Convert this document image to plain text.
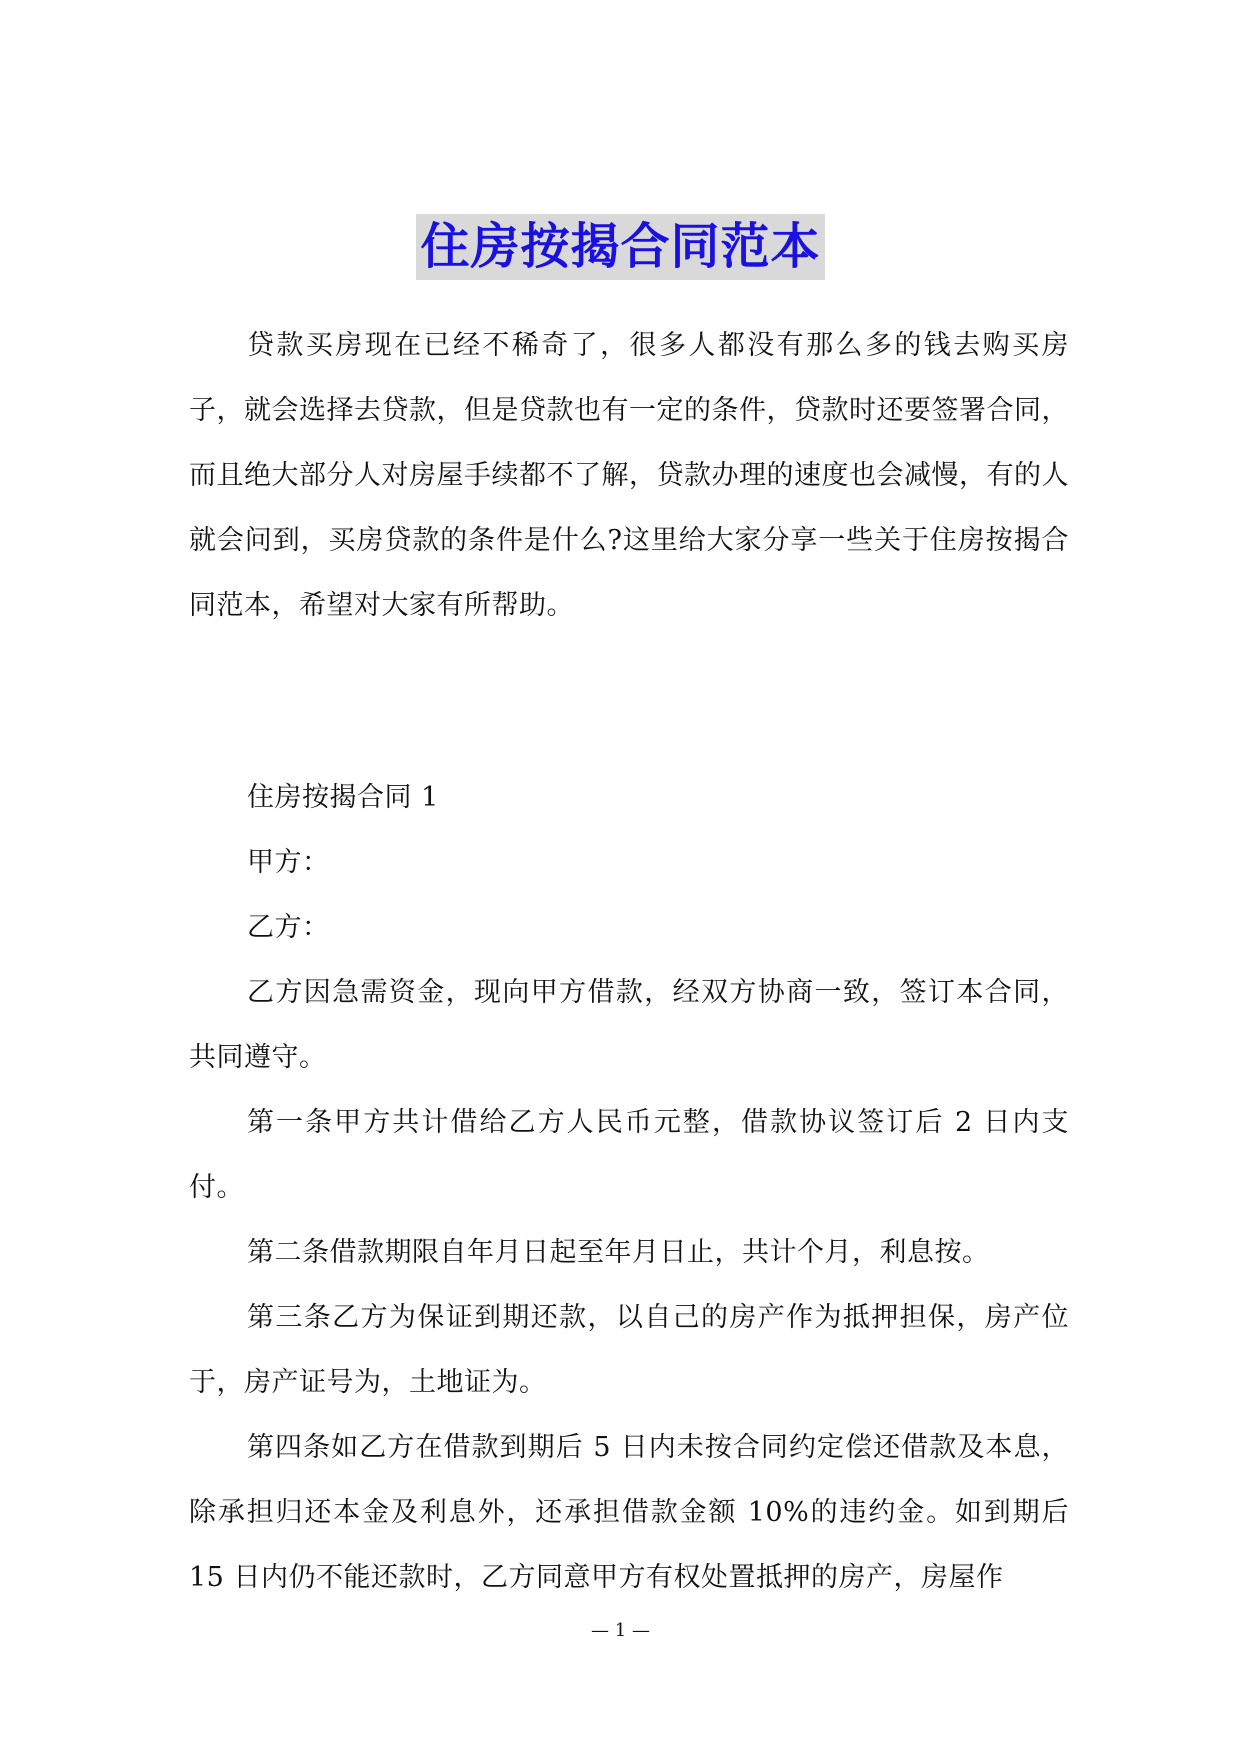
住房按揭合同范本

贷款买房现在已经不稀奇了，很多人都没有那么多的钱去购买房子，就会选择去贷款，但是贷款也有一定的条件，贷款时还要签署合同，而且绝大部分人对房屋手续都不了解，贷款办理的速度也会减慢，有的人就会问到，买房贷款的条件是什么?这里给大家分享一些关于住房按揭合同范本，希望对大家有所帮助。

住房按揭合同 1

甲方：

乙方：

乙方因急需资金，现向甲方借款，经双方协商一致，签订本合同，共同遵守。

第一条甲方共计借给乙方人民币元整，借款协议签订后 2 日内支付。

第二条借款期限自年月日起至年月日止，共计个月，利息按。

第三条乙方为保证到期还款，以自己的房产作为抵押担保，房产位于，房产证号为，土地证为。

第四条如乙方在借款到期后 5 日内未按合同约定偿还借款及本息，除承担归还本金及利息外，还承担借款金额 10%的违约金。如到期后 15 日内仍不能还款时，乙方同意甲方有权处置抵押的房产，房屋作

— 1 —
